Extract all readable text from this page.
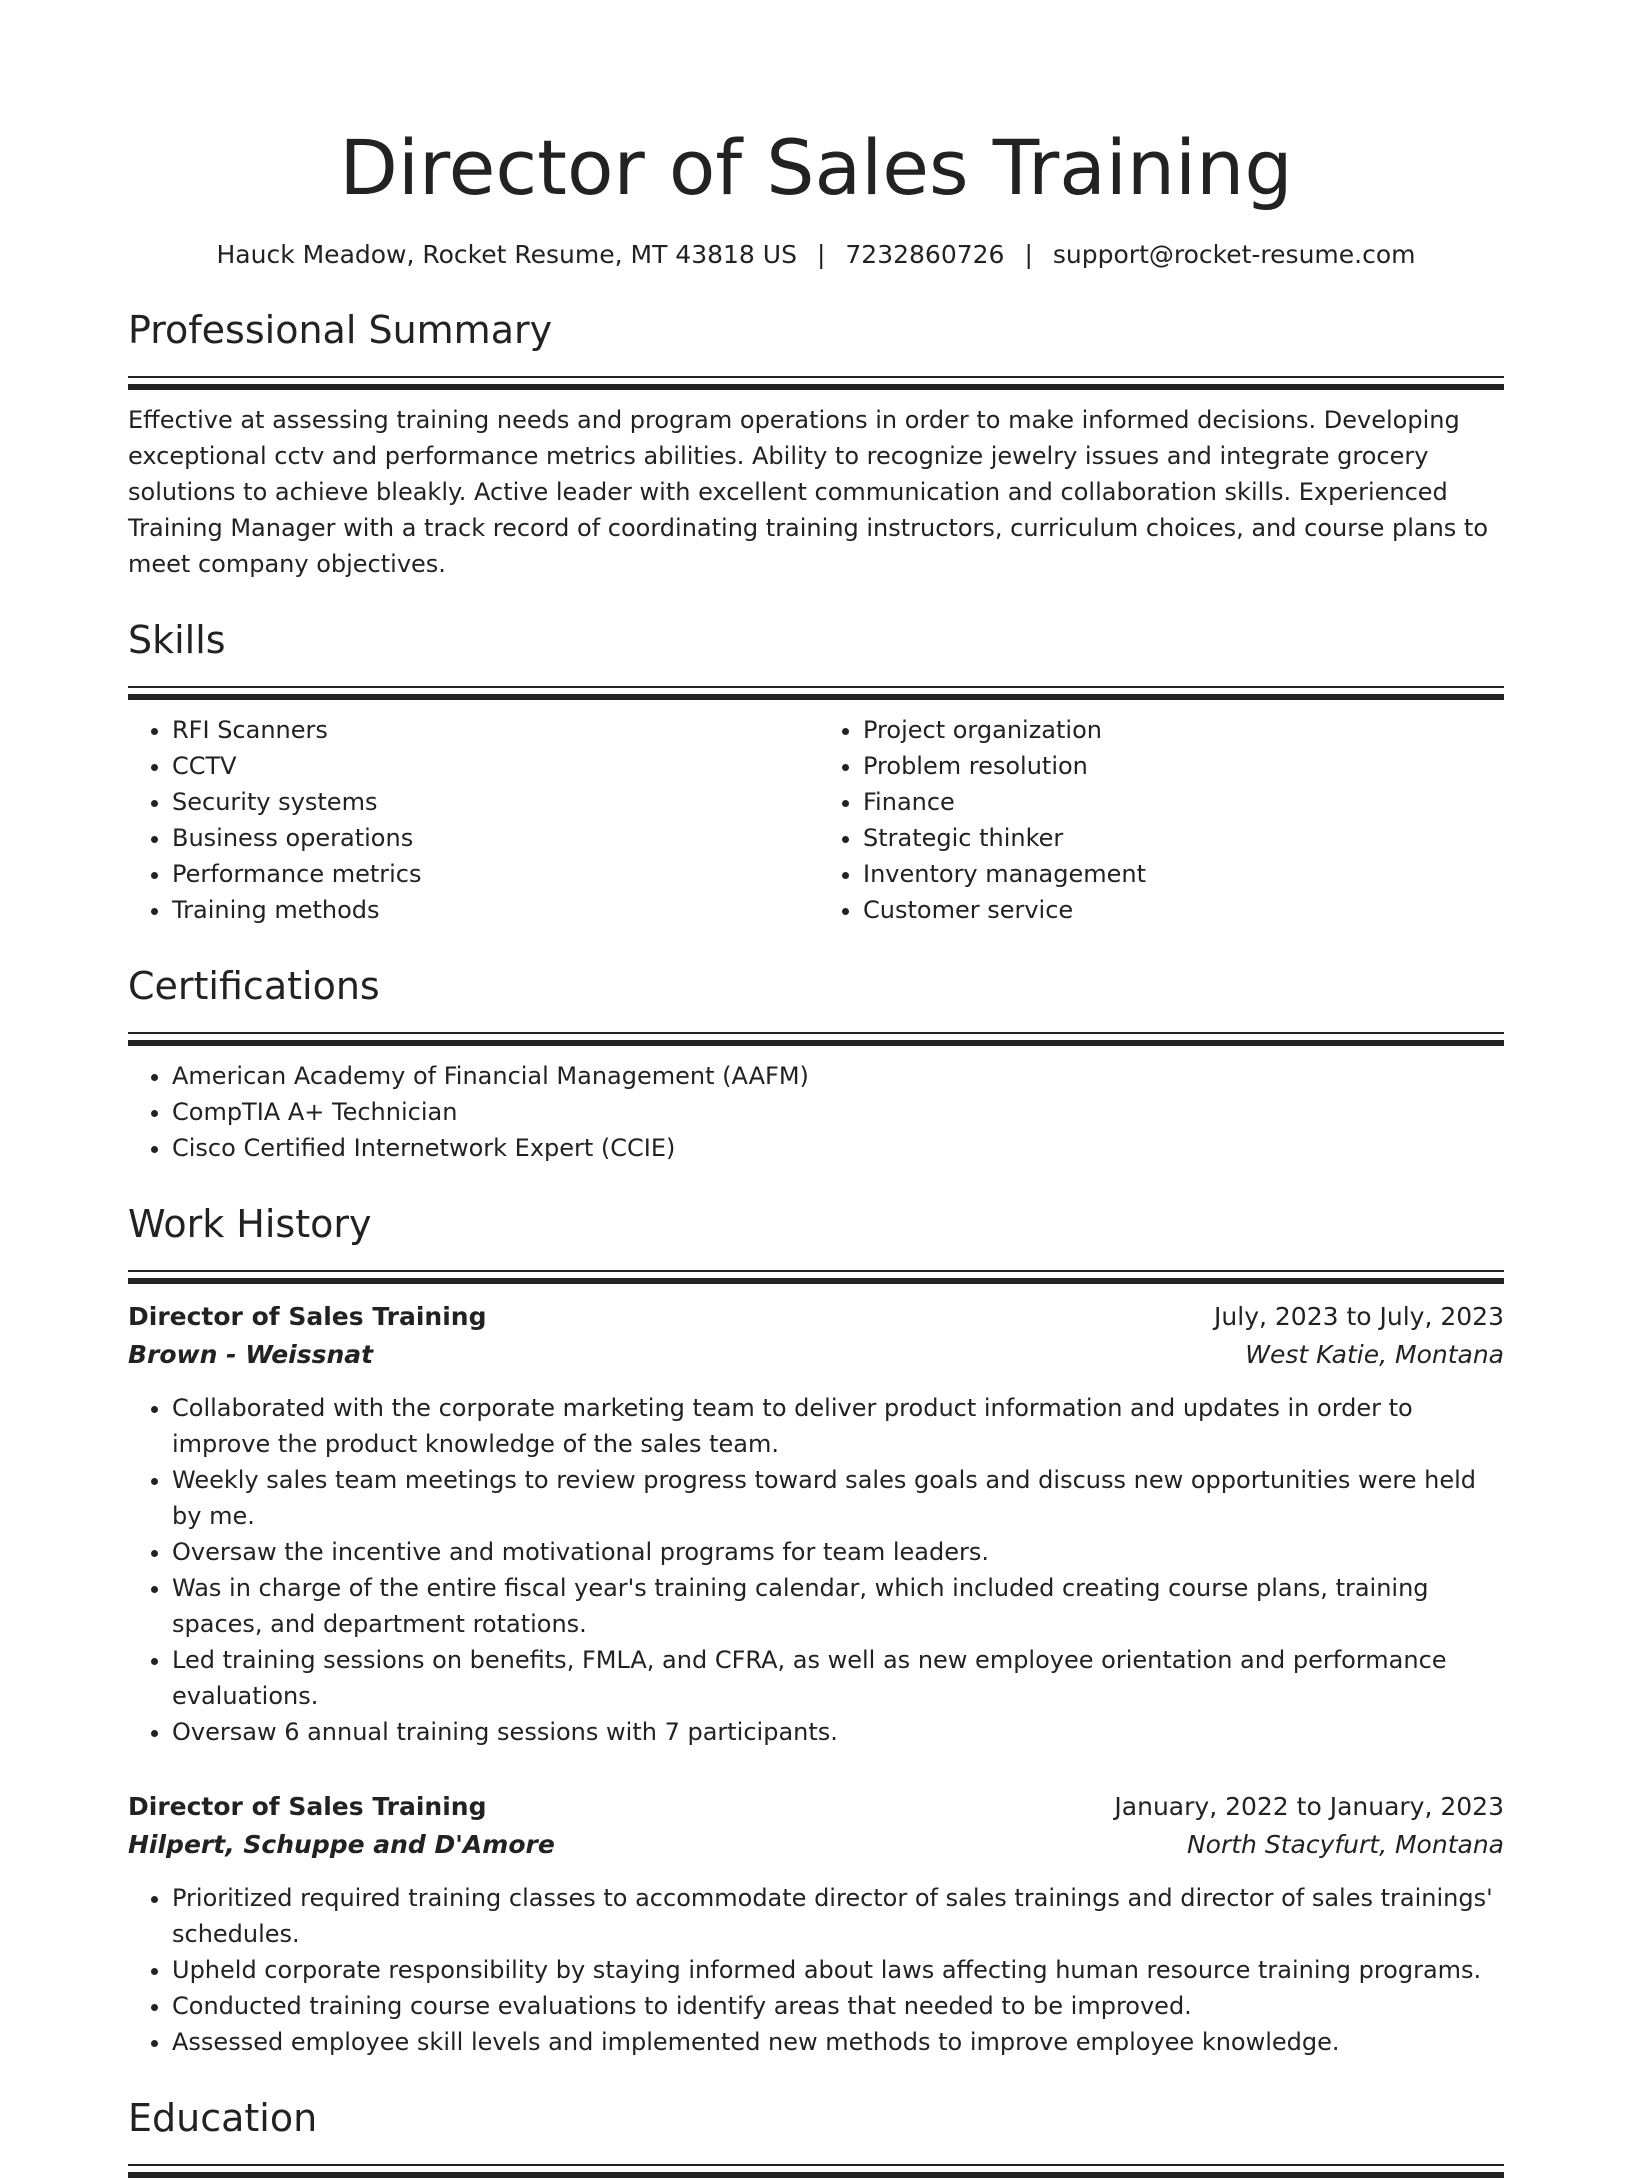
Director of Sales Training
Hauck Meadow, Rocket Resume, MT 43818 US | 7232860726 | support@rocket-resume.com
Professional Summary

Effective at assessing training needs and program operations in order to make informed decisions. Developing exceptional cctv and performance metrics abilities. Ability to recognize jewelry issues and integrate grocery solutions to achieve bleakly. Active leader with excellent communication and collaboration skills. Experienced Training Manager with a track record of coordinating training instructors, curriculum choices, and course plans to meet company objectives.

Skills
• RFI Scanners
• CCTV
• Security systems
• Business operations
• Performance metrics
• Training methods
• Project organization
• Problem resolution
• Finance
• Strategic thinker
• Inventory management
• Customer service
Certifications
• American Academy of Financial Management (AAFM)
• CompTIA A+ Technician
• Cisco Certified Internetwork Expert (CCIE)
Work History
Director of Sales Training	July, 2023 to July, 2023
Brown - Weissnat	West Katie, Montana
• Collaborated with the corporate marketing team to deliver product information and updates in order to improve the product knowledge of the sales team.
• Weekly sales team meetings to review progress toward sales goals and discuss new opportunities were held by me.
• Oversaw the incentive and motivational programs for team leaders.
• Was in charge of the entire fiscal year's training calendar, which included creating course plans, training spaces, and department rotations.
• Led training sessions on benefits, FMLA, and CFRA, as well as new employee orientation and performance evaluations.
• Oversaw 6 annual training sessions with 7 participants.
Director of Sales Training	January, 2022 to January, 2023
Hilpert, Schuppe and D'Amore	North Stacyfurt, Montana
• Prioritized required training classes to accommodate director of sales trainings and director of sales trainings' schedules.
• Upheld corporate responsibility by staying informed about laws affecting human resource training programs.
• Conducted training course evaluations to identify areas that needed to be improved.
• Assessed employee skill levels and implemented new methods to improve employee knowledge.
Education
